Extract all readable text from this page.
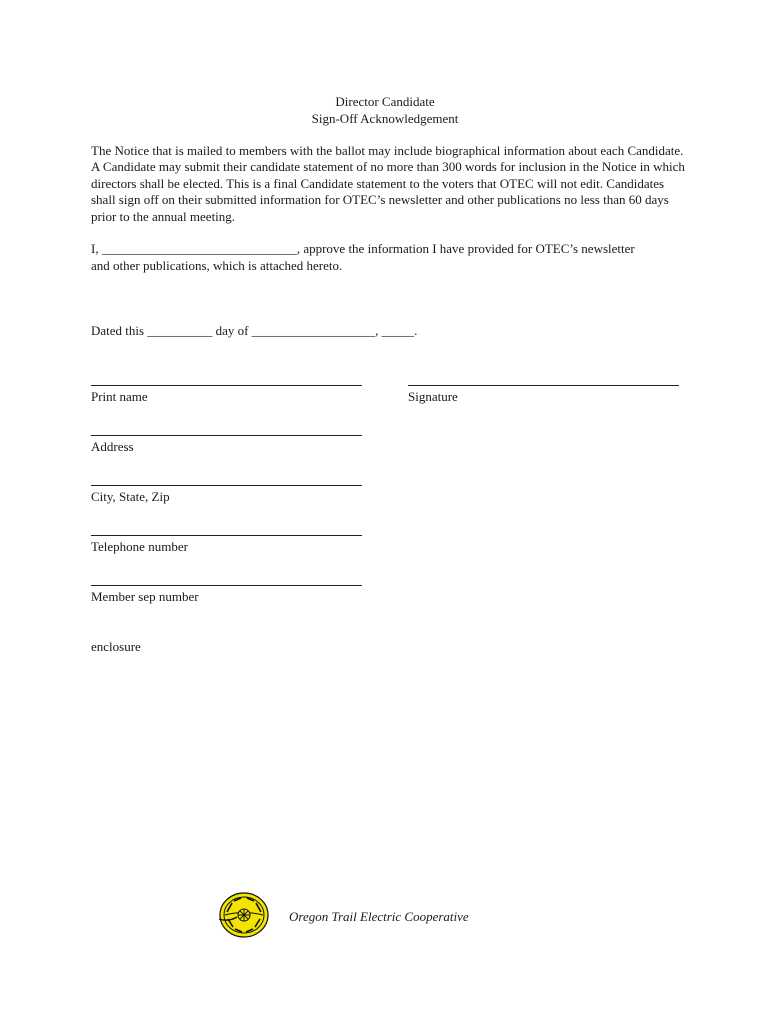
Director Candidate
Sign-Off Acknowledgement
The Notice that is mailed to members with the ballot may include biographical information about each Candidate. A Candidate may submit their candidate statement of no more than 300 words for inclusion in the Notice in which directors shall be elected. This is a final Candidate statement to the voters that OTEC will not edit. Candidates shall sign off on their submitted information for OTEC’s newsletter and other publications no less than 60 days prior to the annual meeting.
I, ______________________________, approve the information I have provided for OTEC’s newsletter
and other publications, which is attached hereto.
Dated this __________ day of ___________________, _____.
Print name	Signature
Address
City, State, Zip
Telephone number
Member sep number
enclosure
Oregon Trail Electric Cooperative
